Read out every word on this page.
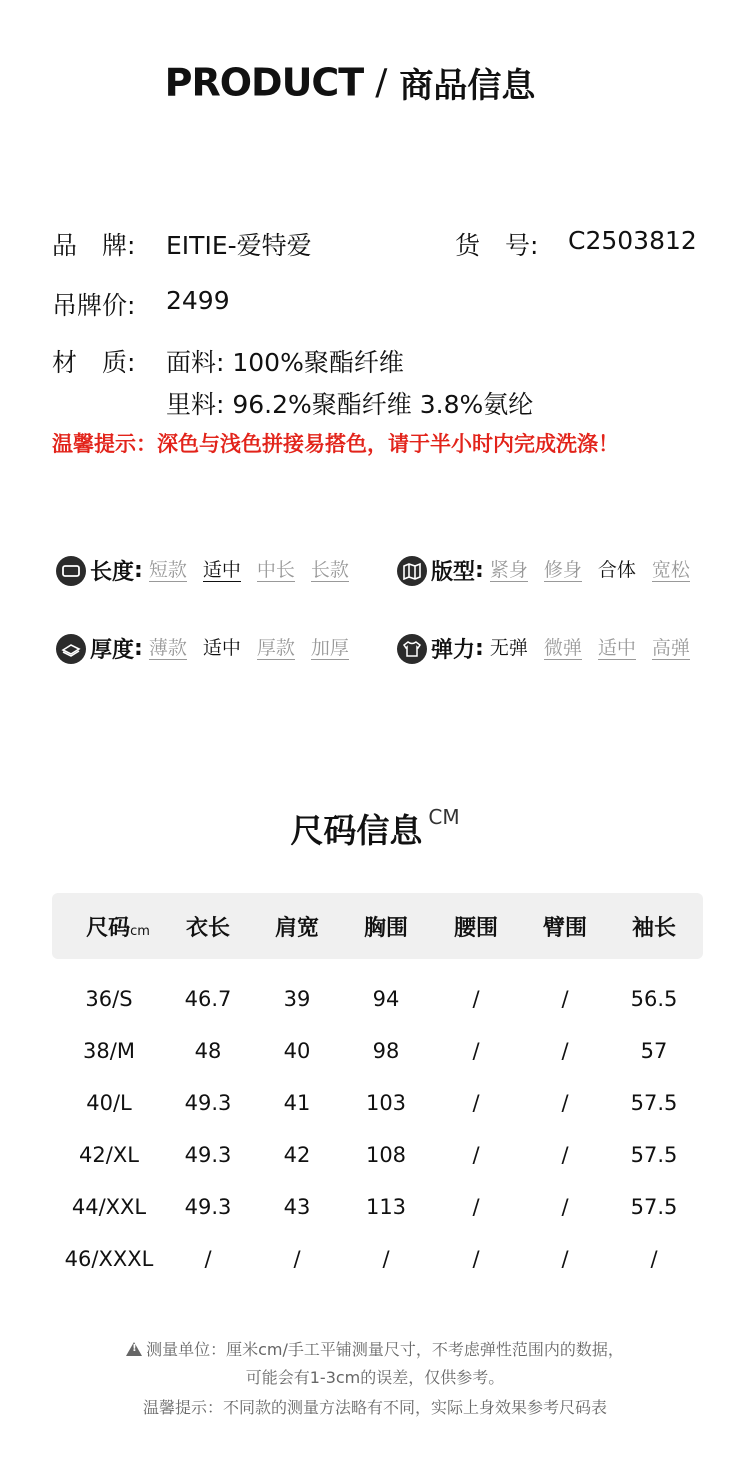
PRODUCT / 商品信息
品　牌: EITIE-爱特爱	货　号: C2503812
吊牌价: 2499
材　质: 面料: 100%聚酯纤维
里料: 96.2%聚酯纤维 3.8%氨纶
温馨提示：深色与浅色拼接易搭色，请于半小时内完成洗涤！
长度 : 短款 适中 中长 长款	版型 : 紧身 修身 合体 宽松
厚度 : 薄款 适中 厚款 加厚	弹力 : 无弹 微弹 适中 高弹
尺码信息 CM
尺码cm	衣长	肩宽	胸围	腰围	臂围	袖长
36/S	46.7	39	94	/	/	56.5
38/M	48	40	98	/	/	57
40/L	49.3	41	103	/	/	57.5
42/XL	49.3	42	108	/	/	57.5
44/XXL	49.3	43	113	/	/	57.5
46/XXXL	/	/	/	/	/	/
!测量单位：厘米cm/手工平铺测量尺寸，不考虑弹性范围内的数据，
可能会有1-3cm的误差，仅供参考。
温馨提示：不同款的测量方法略有不同，实际上身效果参考尺码表
